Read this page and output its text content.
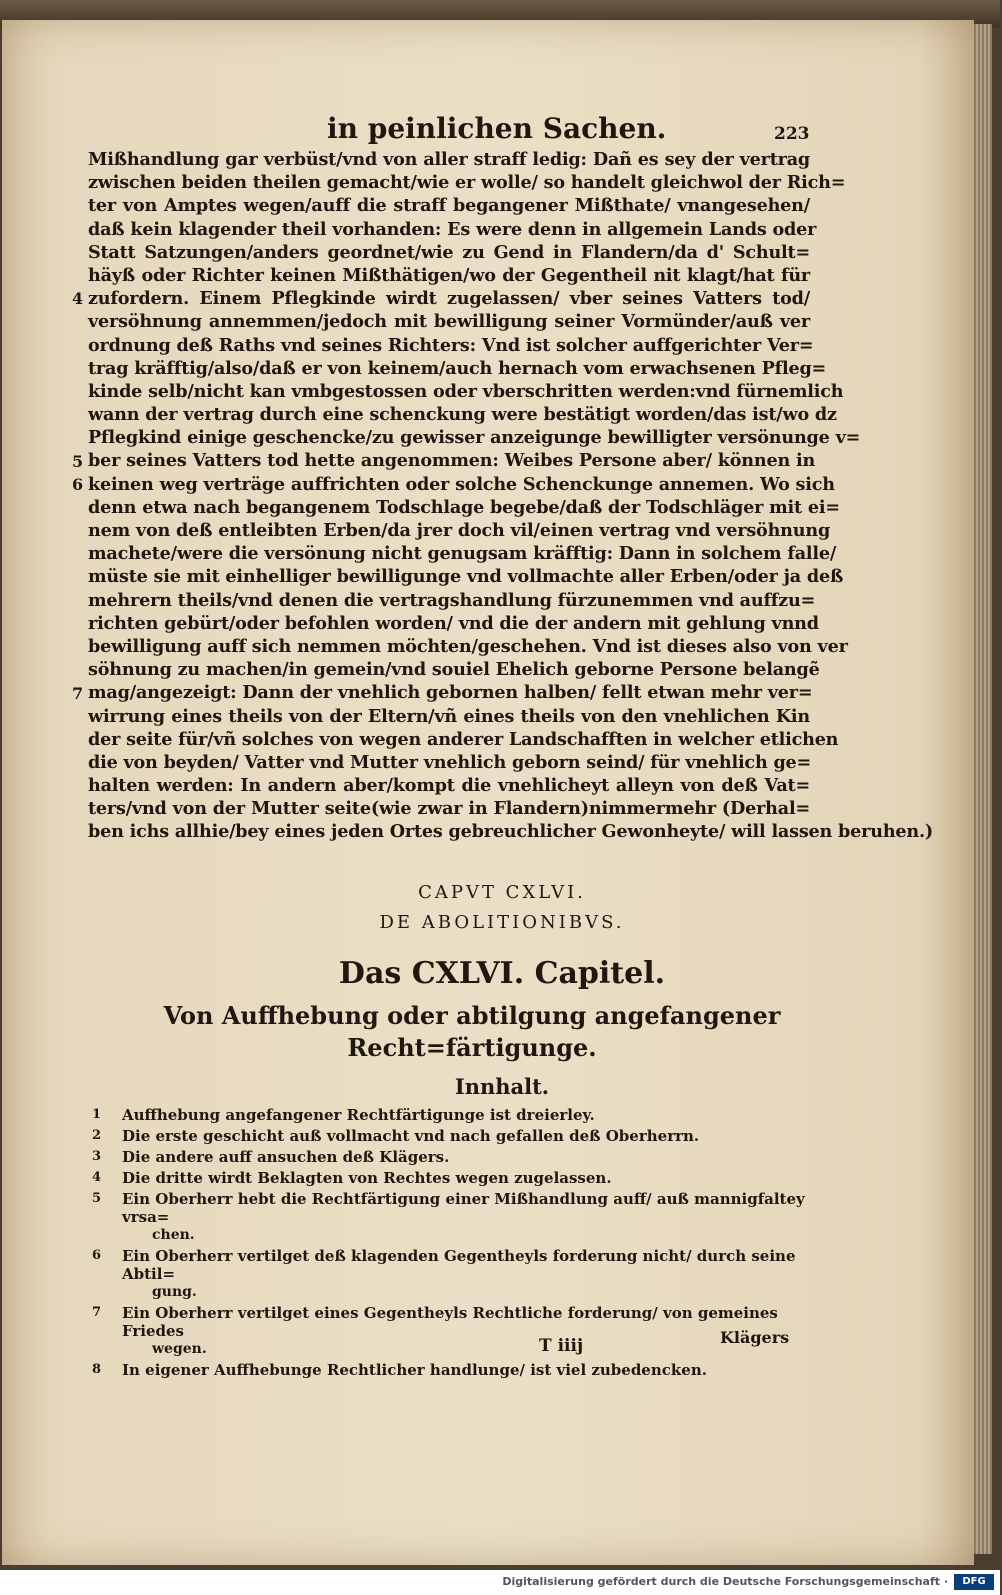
in peinlichen Sachen.	223
Mißhandlung gar verbüst/vnd von aller straff ledig: Dañ es sey der vertrag
zwischen beiden theilen gemacht/wie er wolle/ so handelt gleichwol der Rich=
ter von Amptes wegen/auff die straff begangener Mißthate/ vnangesehen/
daß kein klagender theil vorhanden: Es were denn in allgemein Lands oder
Statt Satzungen/anders geordnet/wie zu Gend in Flandern/da d' Schult=
häyß oder Richter keinen Mißthätigen/wo der Gegentheil nit klagt/hat für
zufordern. Einem Pflegkinde wirdt zugelassen/ vber seines Vatters tod/
versöhnung annemmen/jedoch mit bewilligung seiner Vormünder/auß ver
ordnung deß Raths vnd seines Richters: Vnd ist solcher auffgerichter Ver=
trag kräfftig/also/daß er von keinem/auch hernach vom erwachsenen Pfleg=
kinde selb/nicht kan vmbgestossen oder vberschritten werden:vnd fürnemlich
wann der vertrag durch eine schenckung were bestätigt worden/das ist/wo dz
Pflegkind einige geschencke/zu gewisser anzeigunge bewilligter versönunge v=
ber seines Vatters tod hette angenommen: Weibes Persone aber/ können in
keinen weg verträge auffrichten oder solche Schenckunge annemen. Wo sich
denn etwa nach begangenem Todschlage begebe/daß der Todschläger mit ei=
nem von deß entleibten Erben/da jrer doch vil/einen vertrag vnd versöhnung
machete/were die versönung nicht genugsam kräfftig: Dann in solchem falle/
müste sie mit einhelliger bewilligunge vnd vollmachte aller Erben/oder ja deß
mehrern theils/vnd denen die vertragshandlung fürzunemmen vnd auffzu=
richten gebürt/oder befohlen worden/ vnd die der andern mit gehlung vnnd
bewilligung auff sich nemmen möchten/geschehen. Vnd ist dieses also von ver
söhnung zu machen/in gemein/vnd souiel Ehelich geborne Persone belangẽ
mag/angezeigt: Dann der vnehlich gebornen halben/ fellt etwan mehr ver=
wirrung eines theils von der Eltern/vñ eines theils von den vnehlichen Kin
der seite für/vñ solches von wegen anderer Landschafften in welcher etlichen
die von beyden/ Vatter vnd Mutter vnehlich geborn seind/ für vnehlich ge=
halten werden: In andern aber/kompt die vnehlicheyt alleyn von deß Vat=
ters/vnd von der Mutter seite(wie zwar in Flandern)nimmermehr (Derhal=
ben ichs allhie/bey eines jeden Ortes gebreuchlicher Gewonheyte/ will lassen beruhen.)
4
5
6
7
CAPVT CXLVI.
DE ABOLITIONIBVS.
Das CXLVI. Capitel.
Von Auffhebung oder abtilgung angefangener Recht=färtigunge.
Innhalt.
1	Auffhebung angefangener Rechtfärtigunge ist dreierley.
2	Die erste geschicht auß vollmacht vnd nach gefallen deß Oberherrn.
3	Die andere auff ansuchen deß Klägers.
4	Die dritte wirdt Beklagten von Rechtes wegen zugelassen.
5	Ein Oberherr hebt die Rechtfärtigung einer Mißhandlung auff/ auß mannigfaltey vrsa=
chen.
6	Ein Oberherr vertilget deß klagenden Gegentheyls forderung nicht/ durch seine Abtil=
gung.
7	Ein Oberherr vertilget eines Gegentheyls Rechtliche forderung/ von gemeines Friedes
wegen.
8	In eigener Auffhebunge Rechtlicher handlunge/ ist viel zubedencken.
T iiij	Klägers
Digitalisierung gefördert durch die Deutsche Forschungsgemeinschaft ·	DFG
